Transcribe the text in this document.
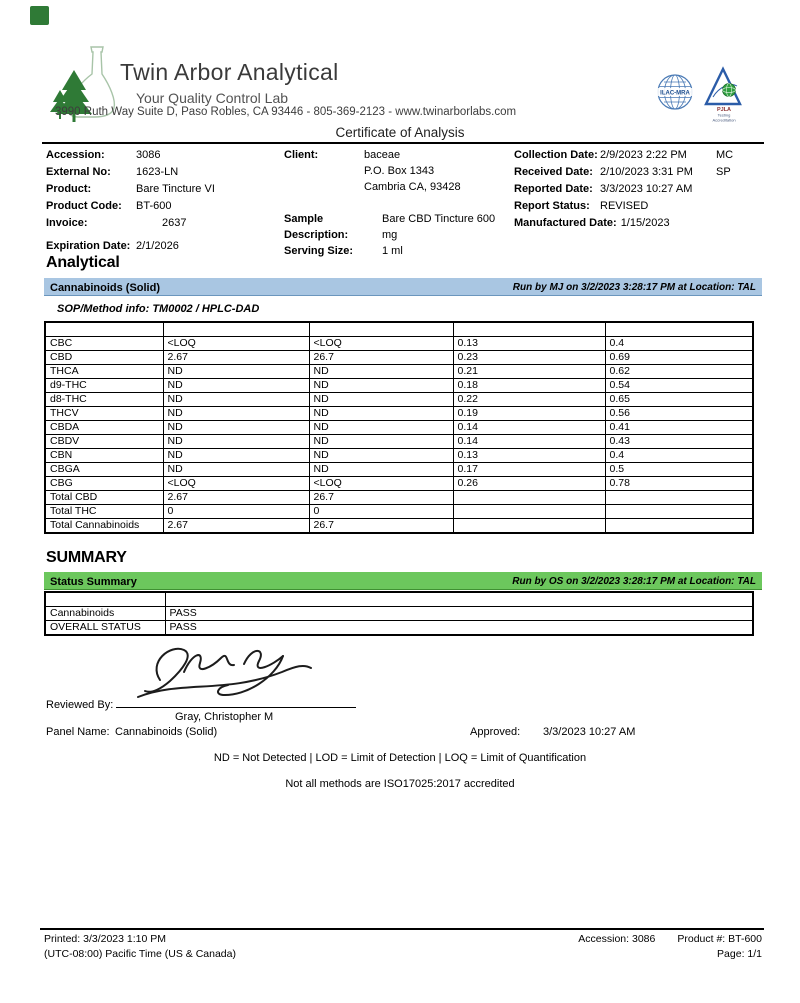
Twin Arbor Analytical
Your Quality Control Lab
3990 Ruth Way Suite D, Paso Robles, CA 93446 - 805-369-2123 - www.twinarborlabs.com
ILAC-MRA
PJLA
Testing
Accreditation
Certificate of Analysis
Accession:	3086
External No:	1623-LN
Product:	Bare Tincture VI
Product Code:	BT-600
Invoice:	2637
Expiration Date: 2/1/2026
Client:	baceae
P.O. Box 1343
Cambria CA, 93428
Sample Description:
Bare CBD Tincture 600 mg
Serving Size:	1 ml
Collection Date: 2/9/2023 2:22 PM	MC
Received Date: 2/10/2023 3:31 PM SP
Reported Date: 3/3/2023 10:27 AM
Report Status: REVISED
Manufactured Date: 1/15/2023
Analytical
Cannabinoids (Solid)	Run by MJ on 3/2/2023 3:28:17 PM at Location: TAL
SOP/Method info: TM0002 / HPLC-DAD

CBC	<LOQ	<LOQ	0.13	0.4
CBD	2.67	26.7	0.23	0.69
THCA	ND	ND	0.21	0.62
d9-THC	ND	ND	0.18	0.54
d8-THC	ND	ND	0.22	0.65
THCV	ND	ND	0.19	0.56
CBDA	ND	ND	0.14	0.41
CBDV	ND	ND	0.14	0.43
CBN	ND	ND	0.13	0.4
CBGA	ND	ND	0.17	0.5
CBG	<LOQ	<LOQ	0.26	0.78
Total CBD	2.67	26.7		
Total THC	0	0		
Total Cannabinoids	2.67	26.7		
SUMMARY
Status Summary	Run by OS on 3/2/2023 3:28:17 PM at Location: TAL

Cannabinoids	PASS
OVERALL STATUS	PASS
Reviewed By:
Gray, Christopher M
Panel Name: Cannabinoids (Solid)	Approved: 3/3/2023 10:27 AM
ND = Not Detected | LOD = Limit of Detection | LOQ = Limit of Quantification
Not all methods are ISO17025:2017 accredited
Printed: 3/3/2023 1:10 PM
(UTC-08:00) Pacific Time (US & Canada)
Accession: 3086 Product #: BT-600
Page: 1/1
